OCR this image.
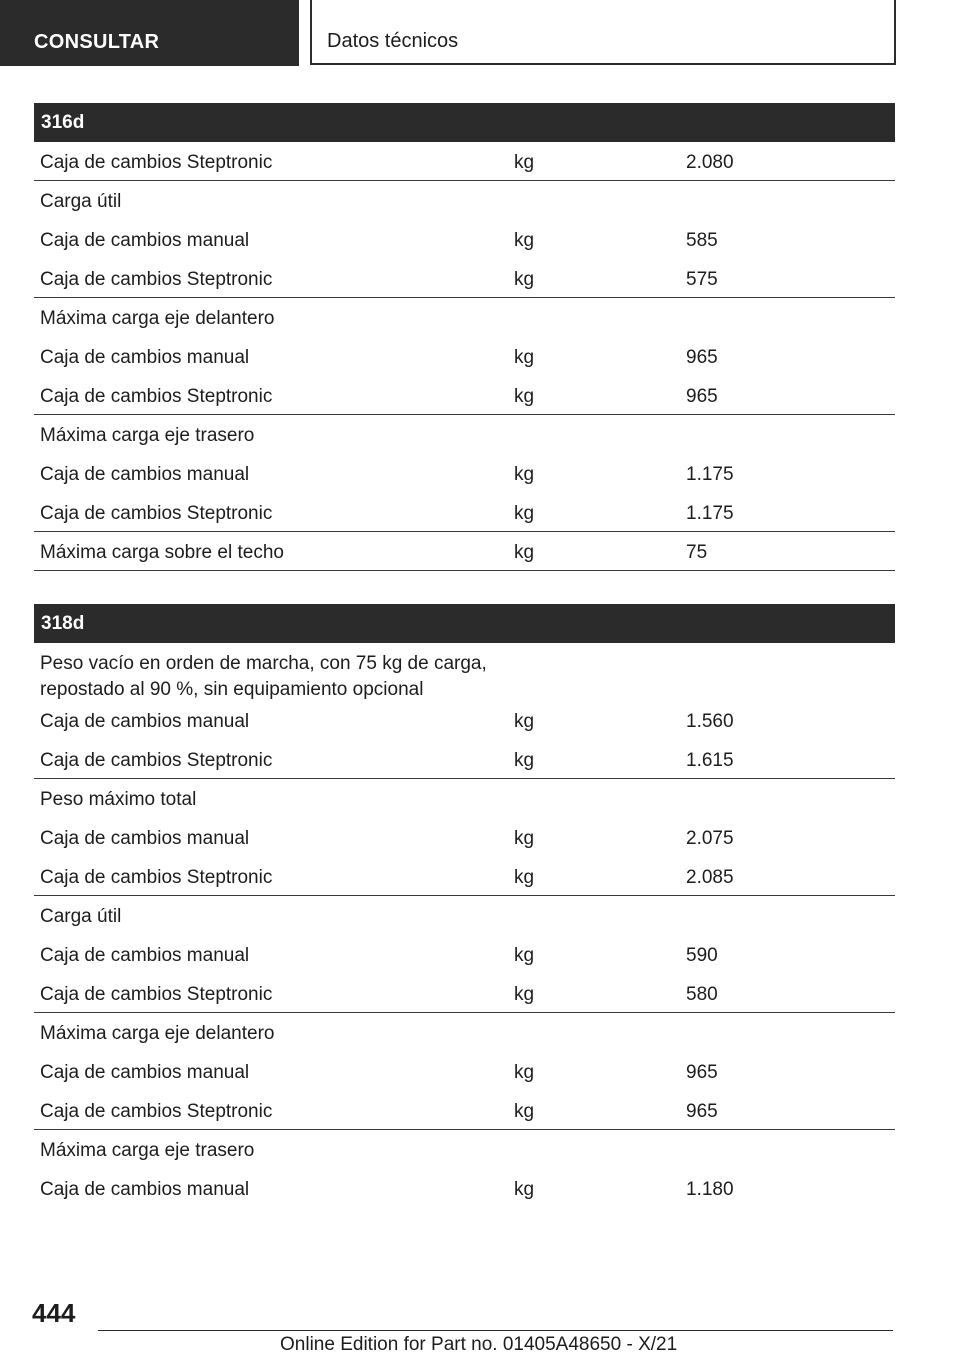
CONSULTAR	Datos técnicos
316d
Caja de cambios Steptronic	kg	2.080
Carga útil
Caja de cambios manual	kg	585
Caja de cambios Steptronic	kg	575
Máxima carga eje delantero
Caja de cambios manual	kg	965
Caja de cambios Steptronic	kg	965
Máxima carga eje trasero
Caja de cambios manual	kg	1.175
Caja de cambios Steptronic	kg	1.175
Máxima carga sobre el techo	kg	75
318d
Peso vacío en orden de marcha, con 75 kg de carga, repostado al 90 %, sin equipamiento opcional
Caja de cambios manual	kg	1.560
Caja de cambios Steptronic	kg	1.615
Peso máximo total
Caja de cambios manual	kg	2.075
Caja de cambios Steptronic	kg	2.085
Carga útil
Caja de cambios manual	kg	590
Caja de cambios Steptronic	kg	580
Máxima carga eje delantero
Caja de cambios manual	kg	965
Caja de cambios Steptronic	kg	965
Máxima carga eje trasero
Caja de cambios manual	kg	1.180
444
Online Edition for Part no. 01405A48650 - X/21
